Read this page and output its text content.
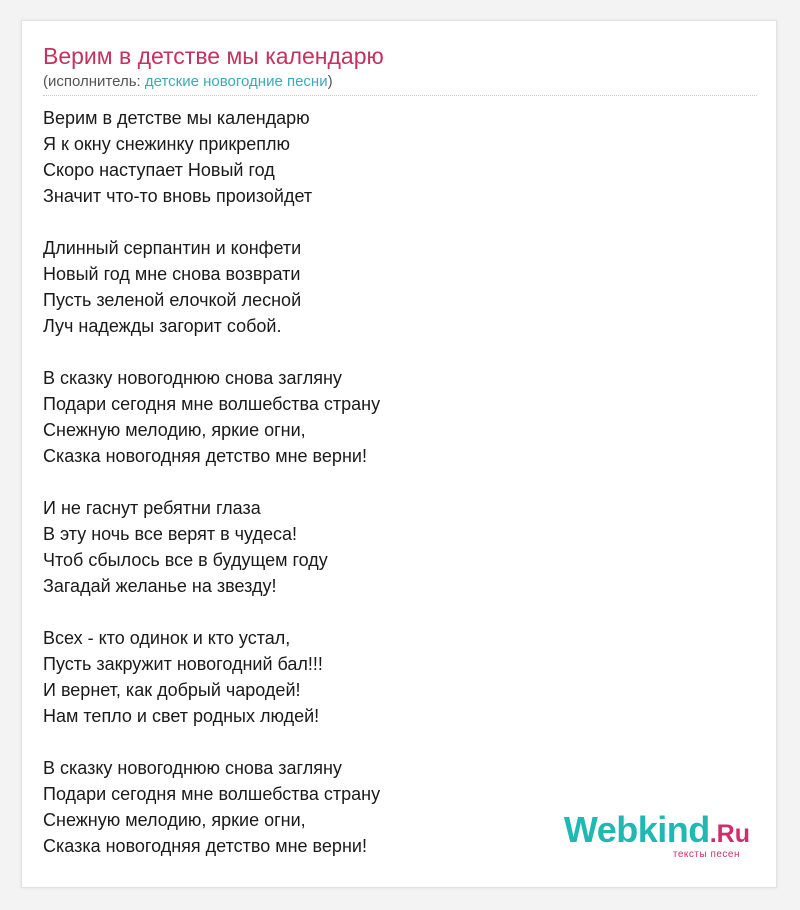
Верим в детстве мы календарю
(исполнитель: детские новогодние песни)
Верим в детстве мы календарю
Я к окну снежинку прикреплю
Скоро наступает Новый год
Значит что-то вновь произойдет
Длинный серпантин и конфети
Новый год мне снова возврати
Пусть зеленой елочкой лесной
Луч надежды загорит собой.
В сказку новогоднюю снова загляну
Подари сегодня мне волшебства страну
Снежную мелодию, яркие огни,
Сказка новогодняя детство мне верни!
И не гаснут ребятни глаза
В эту ночь все верят в чудеса!
Чтоб сбылось все в будущем году
Загадай желанье на звезду!
Всех - кто одинок и кто устал,
Пусть закружит новогодний бал!!!
И вернет, как добрый чародей!
Нам тепло и свет родных людей!
В сказку новогоднюю снова загляну
Подари сегодня мне волшебства страну
Снежную мелодию, яркие огни,
Сказка новогодняя детство мне верни!	Webkind.Ru
тексты песен
